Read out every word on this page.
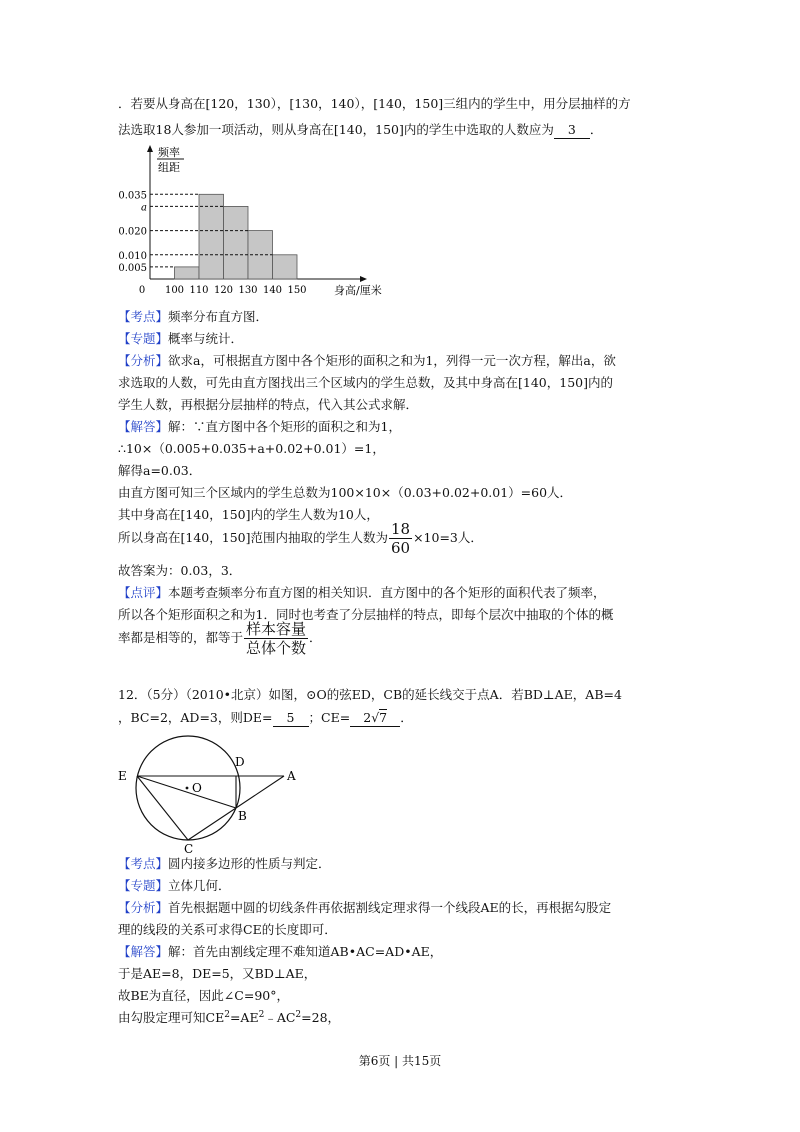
．若要从身高在[120，130），[130，140），[140，150]三组内的学生中，用分层抽样的方
法选取18人参加一项活动，则从身高在[140，150]内的学生中选取的人数应为 3 ．
频率
组距
0.035
a
0.020
0.010
0.005
100 110 120 130 140 150
0	身高/厘米
【考点】频率分布直方图．
【专题】概率与统计．
【分析】欲求a，可根据直方图中各个矩形的面积之和为1，列得一元一次方程，解出a，欲
求选取的人数，可先由直方图找出三个区域内的学生总数，及其中身高在[140，150]内的
学生人数，再根据分层抽样的特点，代入其公式求解．
【解答】解：∵直方图中各个矩形的面积之和为1，
∴10×（0.005+0.035+a+0.02+0.01）=1，
解得a=0.03．
由直方图可知三个区域内的学生总数为100×10×（0.03+0.02+0.01）=60人．
其中身高在[140，150]内的学生人数为10人，
所以身高在[140，150]范围内抽取的学生人数为 $\frac{18}{60} \times 10=3$人．
故答案为：0.03，3．
【点评】本题考查频率分布直方图的相关知识．直方图中的各个矩形的面积代表了频率，
所以各个矩形面积之和为1．同时也考查了分层抽样的特点，即每个层次中抽取的个体的概
率都是相等的，都等于 $\frac{\text{样本容量}}{\text{总体个数}}$ ．
12．（5分）（2010•北京）如图，⊙O的弦ED，CB的延长线交于点A．若BD⊥AE，AB=4
，BC=2，AD=3，则DE= 5 ；CE= 2√7 ．
E
D
A
O
B
C
【考点】圆内接多边形的性质与判定．
【专题】立体几何．
【分析】首先根据题中圆的切线条件再依据割线定理求得一个线段AE的长，再根据勾股定
理的线段的关系可求得CE的长度即可．
【解答】解：首先由割线定理不难知道AB•AC=AD•AE，
于是AE=8，DE=5，又BD⊥AE，
故BE为直径，因此∠C=90°，
由勾股定理可知$CE^2=AE^2﹣AC^2=28$，
第6页 | 共15页
